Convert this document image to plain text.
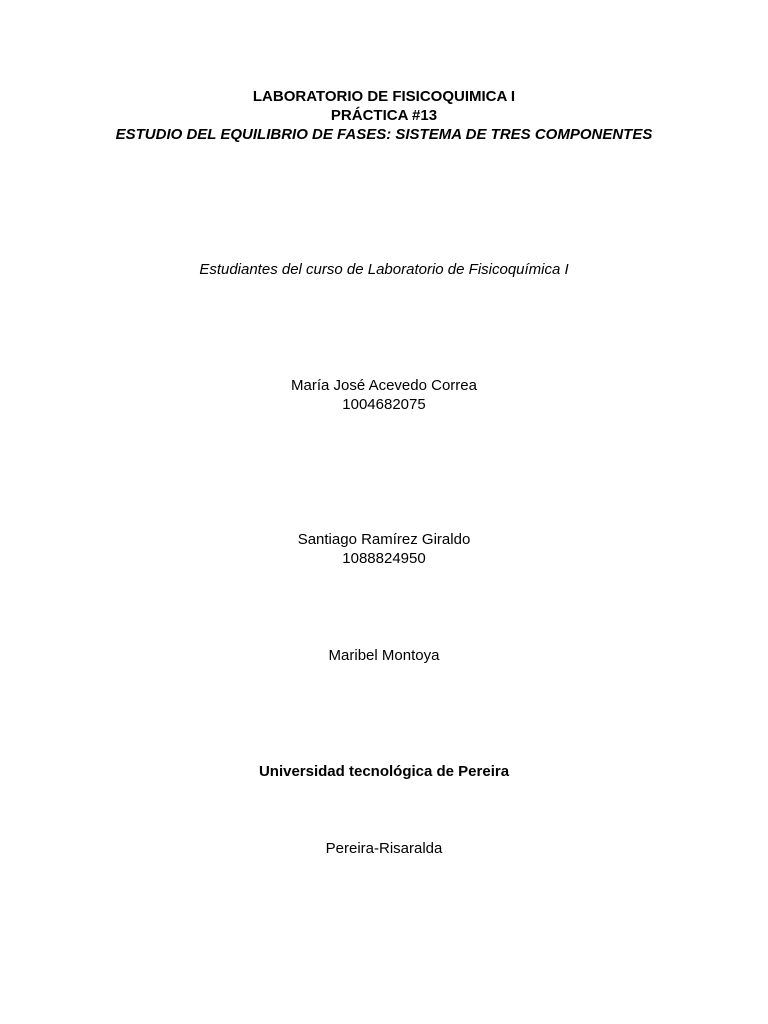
LABORATORIO DE FISICOQUIMICA I
PRÁCTICA #13
ESTUDIO DEL EQUILIBRIO DE FASES: SISTEMA DE TRES COMPONENTES
Estudiantes del curso de Laboratorio de Fisicoquímica I
María José Acevedo Correa
1004682075
Santiago Ramírez Giraldo
1088824950
Maribel Montoya
Universidad tecnológica de Pereira
Pereira-Risaralda
